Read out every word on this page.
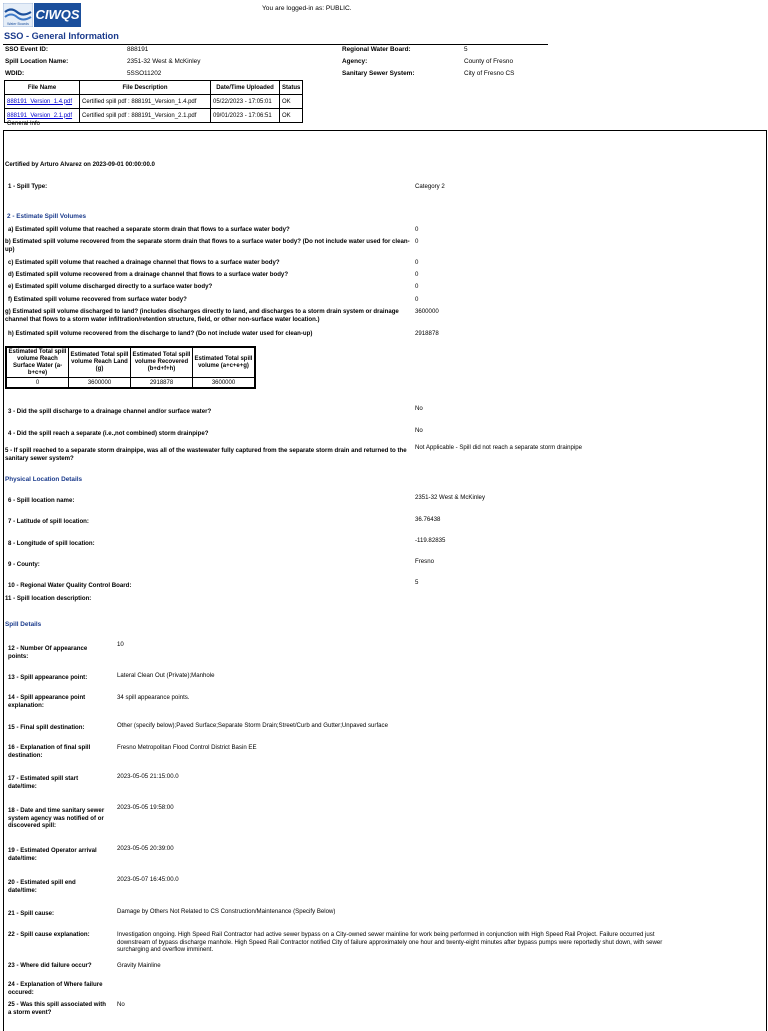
Water Boards
CIWQS	You are logged-in as: PUBLIC.
SSO - General Information
SSO Event ID:	888191
Spill Location Name:	2351-32 West & McKinley
WDID:	5SSO11202
Regional Water Board:	5
Agency:	County of Fresno
Sanitary Sewer System:	City of Fresno CS
File Name	File Description	Date/Time Uploaded	Status
888191_Version_1.4.pdf	Certified spill pdf : 888191_Version_1.4.pdf	05/22/2023 - 17:05:01	OK
888191_Version_2.1.pdf	Certified spill pdf : 888191_Version_2.1.pdf	09/01/2023 - 17:06:51	OK
General Info
Certified by Arturo Alvarez on 2023-09-01 00:00:00.0
1 - Spill Type:	Category 2
2 - Estimate Spill Volumes
a) Estimated spill volume that reached a separate storm drain that flows to a surface water body?	0
b) Estimated spill volume recovered from the separate storm drain that flows to a surface water body? (Do not include water used for clean-up)
0
c) Estimated spill volume that reached a drainage channel that flows to a surface water body?	0
d) Estimated spill volume recovered from a drainage channel that flows to a surface water body?	0
e) Estimated spill volume discharged directly to a surface water body?	0
f) Estimated spill volume recovered from surface water body?	0
g) Estimated spill volume discharged to land? (includes discharges directly to land, and discharges to a storm drain system or drainage channel that flows to a storm water infiltration/retention structure, field, or other non-surface water location.)
3600000
h) Estimated spill volume recovered from the discharge to land? (Do not include water used for clean-up)	2918878
Estimated Total spill volume Reach Surface Water (a-b+c+e)	Estimated Total spill volume Reach Land (g)	Estimated Total spill volume Recovered (b+d+f+h)	Estimated Total spill volume (a+c+e+g)
0	3600000	2918878	3600000
3 - Did the spill discharge to a drainage channel and/or surface water?	No
4 - Did the spill reach a separate (i.e.,not combined) storm drainpipe?	No
5 - If spill reached to a separate storm drainpipe, was all of the wastewater fully captured from the separate storm drain and returned to the sanitary sewer system?
Not Applicable - Spill did not reach a separate storm drainpipe
Physical Location Details
6 - Spill location name:	2351-32 West & McKinley
7 - Latitude of spill location:	36.76438
8 - Longitude of spill location:	-119.82835
9 - County:	Fresno
10 - Regional Water Quality Control Board:	5
11 - Spill location description:
Spill Details
12 - Number Of appearance points:
10
13 - Spill appearance point:	Lateral Clean Out (Private);Manhole
14 - Spill appearance point explanation:
34 spill appearance points.
15 - Final spill destination:	Other (specify below);Paved Surface;Separate Storm Drain;Street/Curb and Gutter;Unpaved surface
16 - Explanation of final spill destination:
Fresno Metropolitan Flood Control District Basin EE
17 - Estimated spill start date/time:
2023-05-05 21:15:00.0
18 - Date and time sanitary sewer system agency was notified of or discovered spill:
2023-05-05 19:58:00
19 - Estimated Operator arrival date/time:
2023-05-05 20:39:00
20 - Estimated spill end date/time:
2023-05-07 16:45:00.0
21 - Spill cause:	Damage by Others Not Related to CS Construction/Maintenance (Specify Below)
22 - Spill cause explanation:	Investigation ongoing. High Speed Rail Contractor had active sewer bypass on a City-owned sewer mainline for work being performed in conjunction with High Speed Rail Project. Failure occurred just downstream of bypass discharge manhole. High Speed Rail Contractor notified City of failure approximately one hour and twenty-eight minutes after bypass pumps were reportedly shut down, with sewer surcharging and overflow imminent.
23 - Where did failure occur?	Gravity Mainline
24 - Explanation of Where failure occured:
25 - Was this spill associated with a storm event?
No
